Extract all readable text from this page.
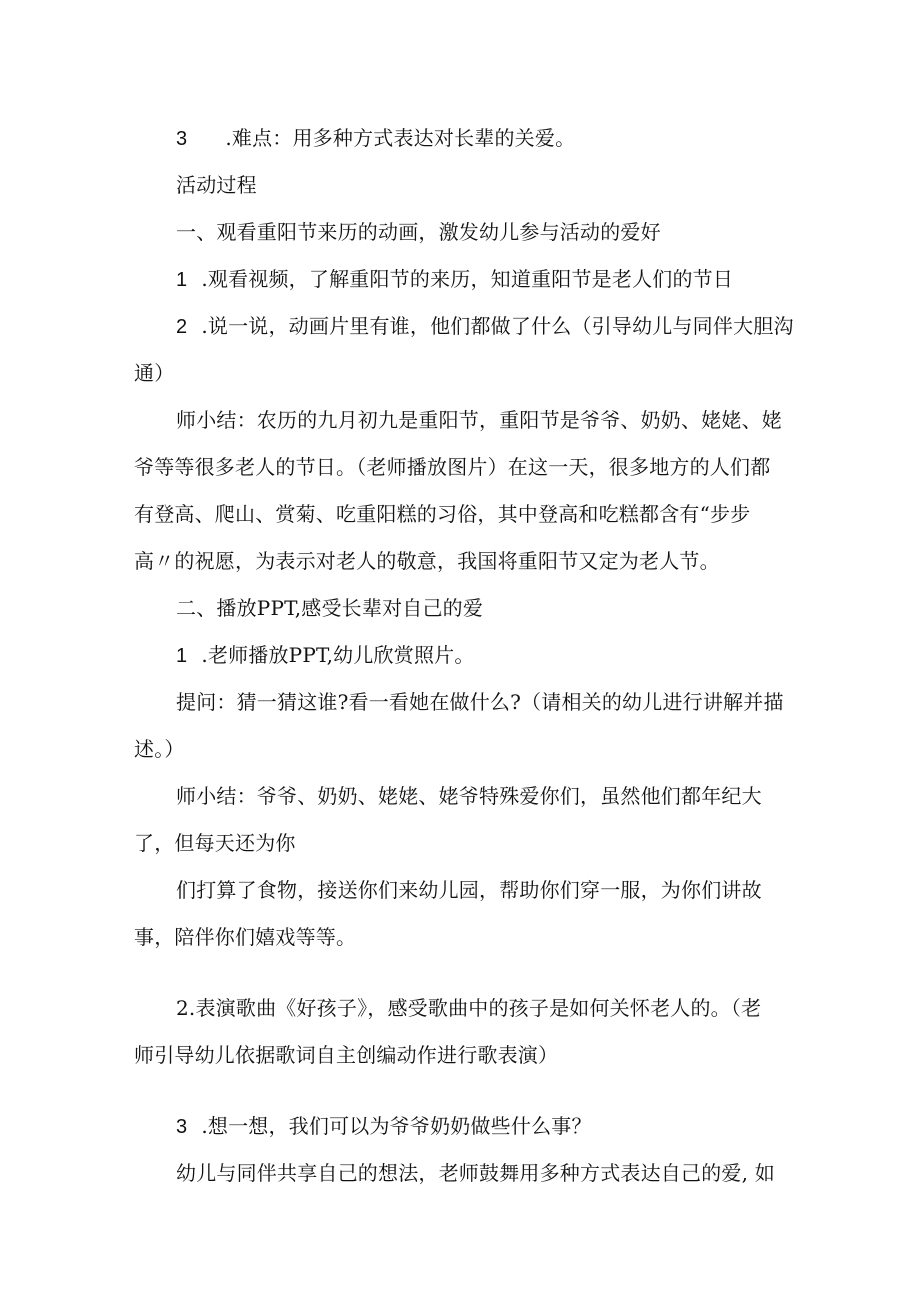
3 .难点：用多种方式表达对长辈的关爱。
活动过程
一、观看重阳节来历的动画，激发幼儿参与活动的爱好
1 .观看视频，了解重阳节的来历，知道重阳节是老人们的节日
2 .说一说，动画片里有谁，他们都做了什么（引导幼儿与同伴大胆沟
通）
师小结：农历的九月初九是重阳节，重阳节是爷爷、奶奶、姥姥、姥
爷等等很多老人的节日。（老师播放图片）在这一天，很多地方的人们都
有登高、爬山、赏菊、吃重阳糕的习俗，其中登高和吃糕都含有“步步
高〃的祝愿，为表示对老人的敬意，我国将重阳节又定为老人节。
二、播放PPT,感受长辈对自己的爱
1 .老师播放PPT,幼儿欣赏照片。
提问：猜一猜这谁?看一看她在做什么?（请相关的幼儿进行讲解并描
述。）
师小结：爷爷、奶奶、姥姥、姥爷特殊爱你们，虽然他们都年纪大
了，但每天还为你
们打算了食物，接送你们来幼儿园，帮助你们穿一服，为你们讲故
事，陪伴你们嬉戏等等。
2.表演歌曲《好孩子》，感受歌曲中的孩子是如何关怀老人的。（老
师引导幼儿依据歌词自主创编动作进行歌表演）
3 .想一想，我们可以为爷爷奶奶做些什么事？
幼儿与同伴共享自己的想法，老师鼓舞用多种方式表达自己的爱, 如
